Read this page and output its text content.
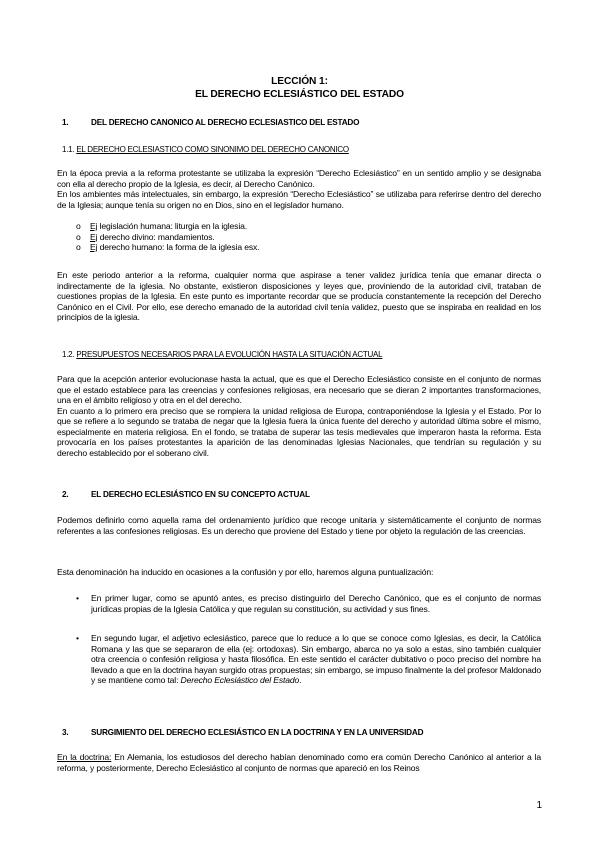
LECCIÓN 1:
EL DERECHO ECLESIÁSTICO DEL ESTADO
1.	DEL DERECHO CANONICO AL DERECHO ECLESIASTICO DEL ESTADO
1.1. EL DERECHO ECLESIASTICO COMO SINONIMO DEL DERECHO CANONICO

En la época previa a la reforma protestante se utilizaba la expresión “Derecho Eclesiástico” en un sentido amplio y se designaba con ella al derecho propio de la Iglesia, es decir, al Derecho Canónico.

En los ambientes más intelectuales, sin embargo, la expresión “Derecho Eclesiástico” se utilizaba para referirse dentro del derecho de la Iglesia; aunque tenía su origen no en Dios, sino en el legislador humano.

o Ej legislación humana: liturgia en la iglesia.
o Ej derecho divino: mandamientos.
o Ej derecho humano: la forma de la iglesia esx.

En este periodo anterior a la reforma, cualquier norma que aspirase a tener validez jurídica tenía que emanar directa o indirectamente de la iglesia. No obstante, existieron disposiciones y leyes que, proviniendo de la autoridad civil, trataban de cuestiones propias de la Iglesia. En este punto es importante recordar que se producía constantemente la recepción del Derecho Canónico en el Civil. Por ello, ese derecho emanado de la autoridad civil tenía validez, puesto que se inspiraba en realidad en los principios de la iglesia.

1.2. PRESUPUESTOS NECESARIOS PARA LA EVOLUCIÓN HASTA LA SITUACIÓN ACTUAL

Para que la acepción anterior evolucionase hasta la actual, que es que el Derecho Eclesiástico consiste en el conjunto de normas que el estado establece para las creencias y confesiones religiosas, era necesario que se dieran 2 importantes transformaciones, una en el ámbito religioso y otra en el del derecho.

En cuanto a lo primero era preciso que se rompiera la unidad religiosa de Europa, contraponiéndose la Iglesia y el Estado. Por lo que se refiere a lo segundo se trataba de negar que la Iglesia fuera la única fuente del derecho y autoridad última sobre el mismo, especialmente en materia religiosa. En el fondo, se trataba de superar las tesis medievales que imperaron hasta la reforma. Esta provocaría en los países protestantes la aparición de las denominadas Iglesias Nacionales, que tendrían su regulación y su derecho establecido por el soberano civil.

2.	EL DERECHO ECLESIÁSTICO EN SU CONCEPTO ACTUAL

Podemos definirlo como aquella rama del ordenamiento jurídico que recoge unitaria y sistemáticamente el conjunto de normas referentes a las confesiones religiosas. Es un derecho que proviene del Estado y tiene por objeto la regulación de las creencias.

Esta denominación ha inducido en ocasiones a la confusión y por ello, haremos alguna puntualización:

•	En primer lugar, como se apuntó antes, es preciso distinguirlo del Derecho Canónico, que es el conjunto de normas jurídicas propias de la Iglesia Católica y que regulan su constitución, su actividad y sus fines.
•	En segundo lugar, el adjetivo eclesiástico, parece que lo reduce a lo que se conoce como Iglesias, es decir, la Católica Romana y las que se separaron de ella (ej: ortodoxas). Sin embargo, abarca no ya solo a estas, sino también cualquier otra creencia o confesión religiosa y hasta filosófica. En este sentido el carácter dubitativo o poco preciso del nombre ha llevado a que en la doctrina hayan surgido otras propuestas; sin embargo, se impuso finalmente la del profesor Maldonado y se mantiene como tal: Derecho Eclesiástico del Estado.
3.	SURGIMIENTO DEL DERECHO ECLESIÁSTICO EN LA DOCTRINA Y EN LA UNIVERSIDAD

En la doctrina: En Alemania, los estudiosos del derecho habían denominado como era común Derecho Canónico al anterior a la reforma, y posteriormente, Derecho Eclesiástico al conjunto de normas que apareció en los Reinos

1
